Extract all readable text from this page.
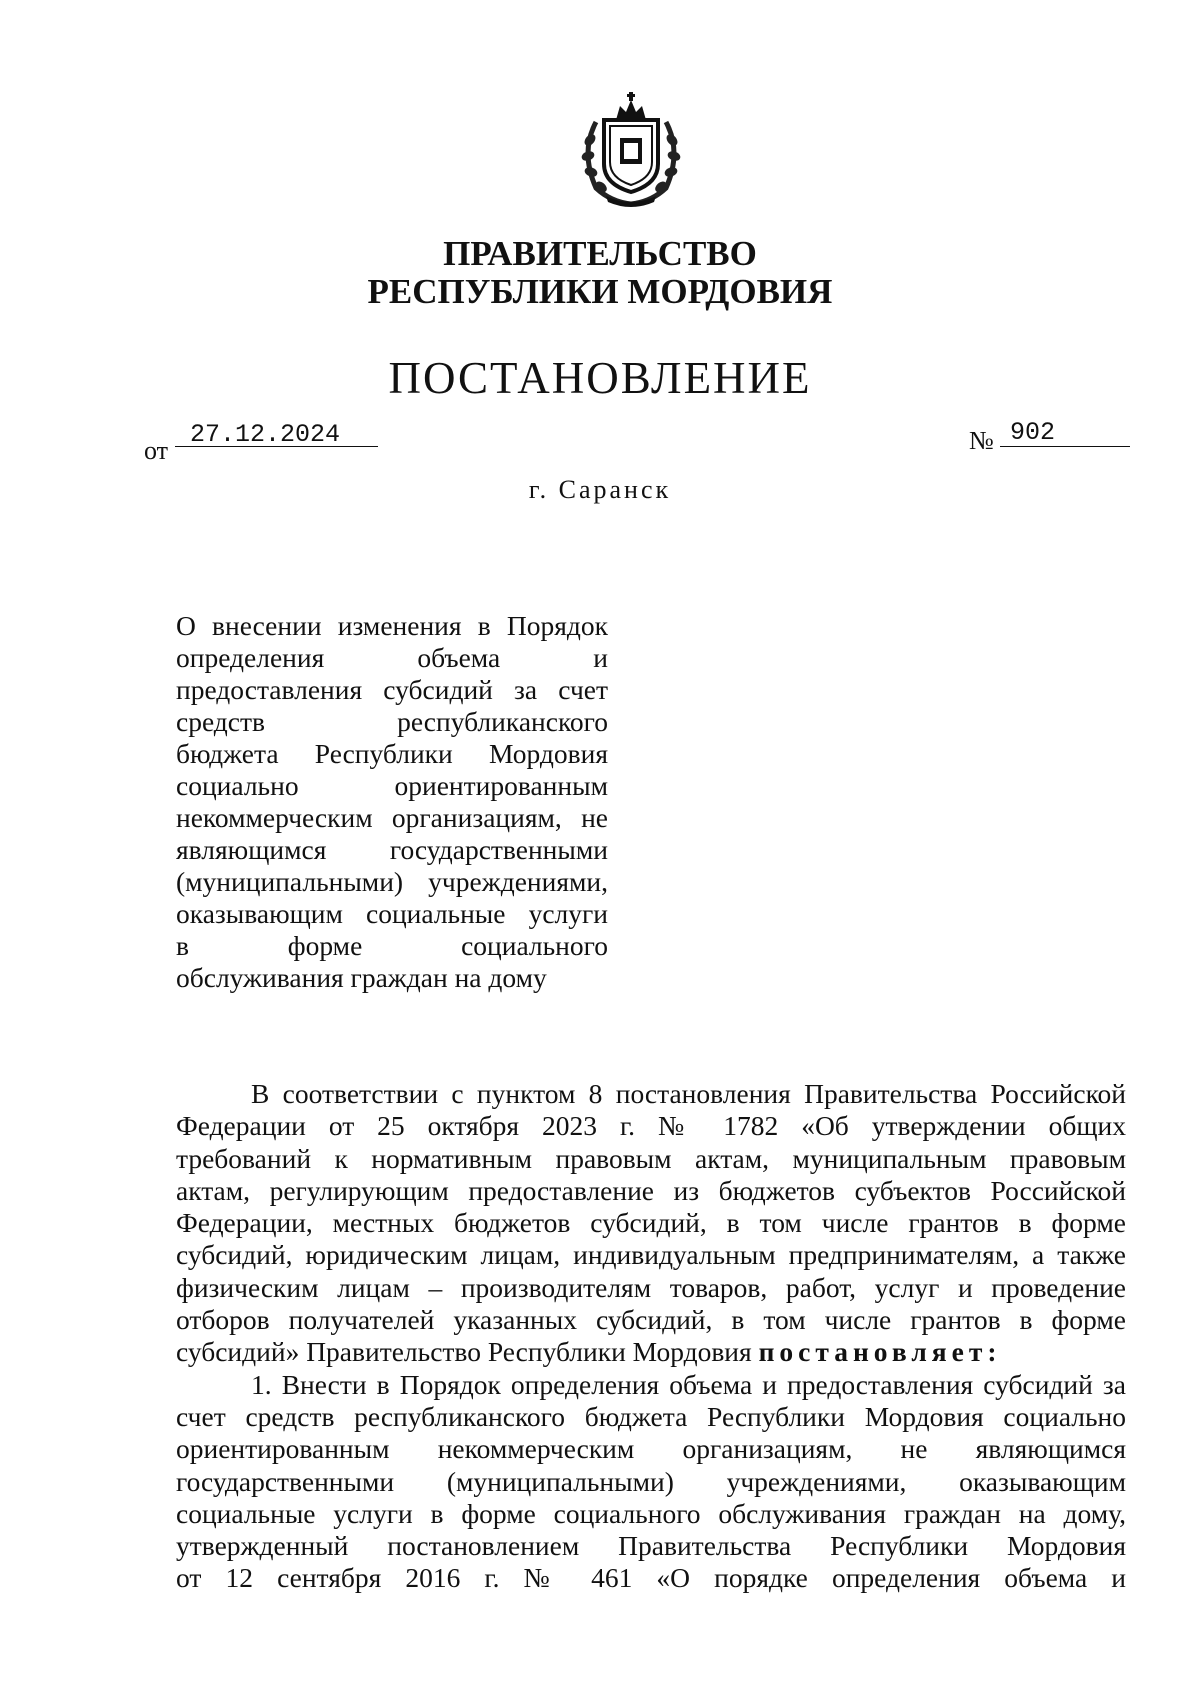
ПРАВИТЕЛЬСТВО
РЕСПУБЛИКИ МОРДОВИЯ
ПОСТАНОВЛЕНИЕ
от
27.12.2024	№ 902
г. Саранск
О внесении изменения в Порядок
определения объема и
предоставления субсидий за счет
средств республиканского
бюджета Республики Мордовия
социально ориентированным
некоммерческим организациям, не
являющимся государственными
(муниципальными) учреждениями,
оказывающим социальные услуги
в форме социального
обслуживания граждан на дому
В соответствии с пунктом 8 постановления Правительства Российской
Федерации от 25 октября 2023 г. № 1782 «Об утверждении общих
требований к нормативным правовым актам, муниципальным правовым
актам, регулирующим предоставление из бюджетов субъектов Российской
Федерации, местных бюджетов субсидий, в том числе грантов в форме
субсидий, юридическим лицам, индивидуальным предпринимателям, а также
физическим лицам – производителям товаров, работ, услуг и проведение
отборов получателей указанных субсидий, в том числе грантов в форме
субсидий» Правительство Республики Мордовия постановляет:
1. Внести в Порядок определения объема и предоставления субсидий за
счет средств республиканского бюджета Республики Мордовия социально
ориентированным некоммерческим организациям, не являющимся
государственными (муниципальными) учреждениями, оказывающим
социальные услуги в форме социального обслуживания граждан на дому,
утвержденный постановлением Правительства Республики Мордовия
от 12 сентября 2016 г. № 461 «О порядке определения объема и
